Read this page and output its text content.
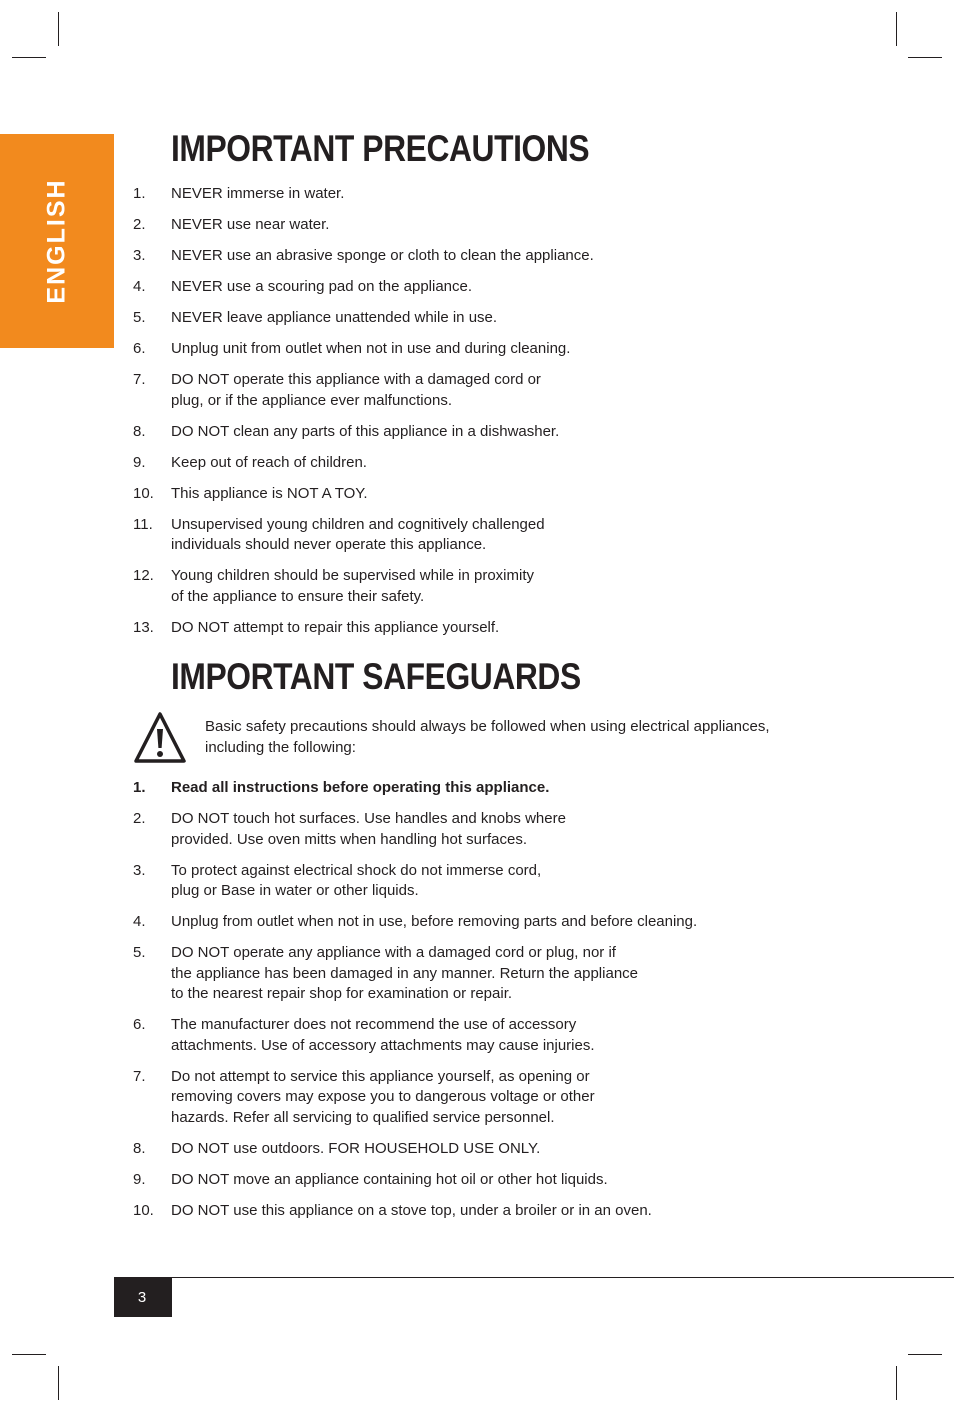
ENGLISH
IMPORTANT PRECAUTIONS
1. NEVER immerse in water.
2. NEVER use near water.
3. NEVER use an abrasive sponge or cloth to clean the appliance.
4. NEVER use a scouring pad on the appliance.
5. NEVER leave appliance unattended while in use.
6. Unplug unit from outlet when not in use and during cleaning.
7. DO NOT operate this appliance with a damaged cord or
plug, or if the appliance ever malfunctions.
8. DO NOT clean any parts of this appliance in a dishwasher.
9. Keep out of reach of children.
10. This appliance is NOT A TOY.
11. Unsupervised young children and cognitively challenged
individuals should never operate this appliance.
12. Young children should be supervised while in proximity
of the appliance to ensure their safety.
13. DO NOT attempt to repair this appliance yourself.
IMPORTANT SAFEGUARDS
Basic safety precautions should always be followed when using electrical appliances,
including the following:
1. Read all instructions before operating this appliance.
2. DO NOT touch hot surfaces. Use handles and knobs where
provided. Use oven mitts when handling hot surfaces.
3. To protect against electrical shock do not immerse cord,
plug or Base in water or other liquids.
4. Unplug from outlet when not in use, before removing parts and before cleaning.
5. DO NOT operate any appliance with a damaged cord or plug, nor if
the appliance has been damaged in any manner. Return the appliance
to the nearest repair shop for examination or repair.
6. The manufacturer does not recommend the use of accessory
attachments. Use of accessory attachments may cause injuries.
7. Do not attempt to service this appliance yourself, as opening or
removing covers may expose you to dangerous voltage or other
hazards. Refer all servicing to qualified service personnel.
8. DO NOT use outdoors. FOR HOUSEHOLD USE ONLY.
9. DO NOT move an appliance containing hot oil or other hot liquids.
10. DO NOT use this appliance on a stove top, under a broiler or in an oven.
3
